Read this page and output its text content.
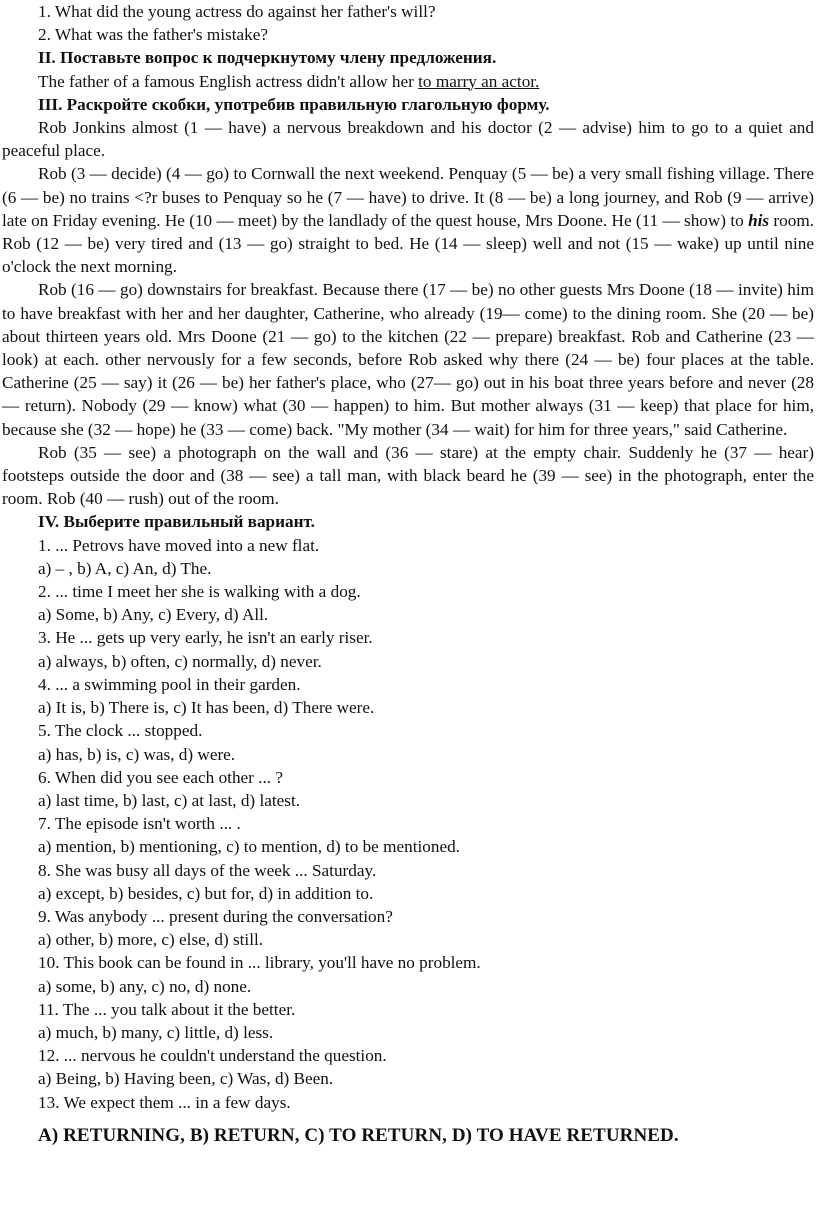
1. What did the young actress do against her father's will?
2. What was the father's mistake?
II. Поставьте вопрос к подчеркнутому члену предложения.
The father of a famous English actress didn't allow her to marry an actor.
III. Раскройте скобки, употребив правильную глагольную форму.

Rob Jonkins almost (1 — have) a nervous breakdown and his doctor (2 — advise) him to go to a quiet and peaceful place.

Rob (3 — decide) (4 — go) to Cornwall the next weekend. Penquay (5 — be) a very small fishing village. There (6 — be) no trains <?r buses to Penquay so he (7 — have) to drive. It (8 — be) a long journey, and Rob (9 — arrive) late on Friday evening. He (10 — meet) by the landlady of the quest house, Mrs Doone. He (11 — show) to his room. Rob (12 — be) very tired and (13 — go) straight to bed. He (14 — sleep) well and not (15 — wake) up until nine o'clock the next morning.

Rob (16 — go) downstairs for breakfast. Because there (17 — be) no other guests Mrs Doone (18 — invite) him to have breakfast with her and her daughter, Catherine, who already (19— come) to the dining room. She (20 — be) about thirteen years old. Mrs Doone (21 — go) to the kitchen (22 — prepare) breakfast. Rob and Catherine (23 — look) at each. other nervously for a few seconds, before Rob asked why there (24 — be) four places at the table. Catherine (25 — say) it (26 — be) her father's place, who (27— go) out in his boat three years before and never (28 — return). Nobody (29 — know) what (30 — happen) to him. But mother always (31 — keep) that place for him, because she (32 — hope) he (33 — come) back. "My mother (34 — wait) for him for three years," said Catherine.

Rob (35 — see) a photograph on the wall and (36 — stare) at the empty chair. Suddenly he (37 — hear) footsteps outside the door and (38 — see) a tall man, with black beard he (39 — see) in the photograph, enter the room. Rob (40 — rush) out of the room.

IV. Выберите правильный вариант.
1. ... Petrovs have moved into a new flat.
a) – , b) A, c) An, d) The.
2. ... time I meet her she is walking with a dog.
a) Some, b) Any, c) Every, d) All.
3. He ... gets up very early, he isn't an early riser.
a) always, b) often, c) normally, d) never.
4. ... a swimming pool in their garden.
a) It is, b) There is, c) It has been, d) There were.
5. The clock ... stopped.
a) has, b) is, c) was, d) were.
6. When did you see each other ... ?
a) last time, b) last, c) at last, d) latest.
7. The episode isn't worth ... .
a) mention, b) mentioning, c) to mention, d) to be mentioned.
8. She was busy all days of the week ... Saturday.
a) except, b) besides, c) but for, d) in addition to.
9. Was anybody ... present during the conversation?
a) other, b) more, c) else, d) still.
10. This book can be found in ... library, you'll have no problem.
a) some, b) any, c) no, d) none.
11. The ... you talk about it the better.
a) much, b) many, c) little, d) less.
12. ... nervous he couldn't understand the question.
a) Being, b) Having been, c) Was, d) Been.
13. We expect them ... in a few days.
A) RETURNING, B) RETURN, C) TO RETURN, D) TO HAVE RETURNED.
